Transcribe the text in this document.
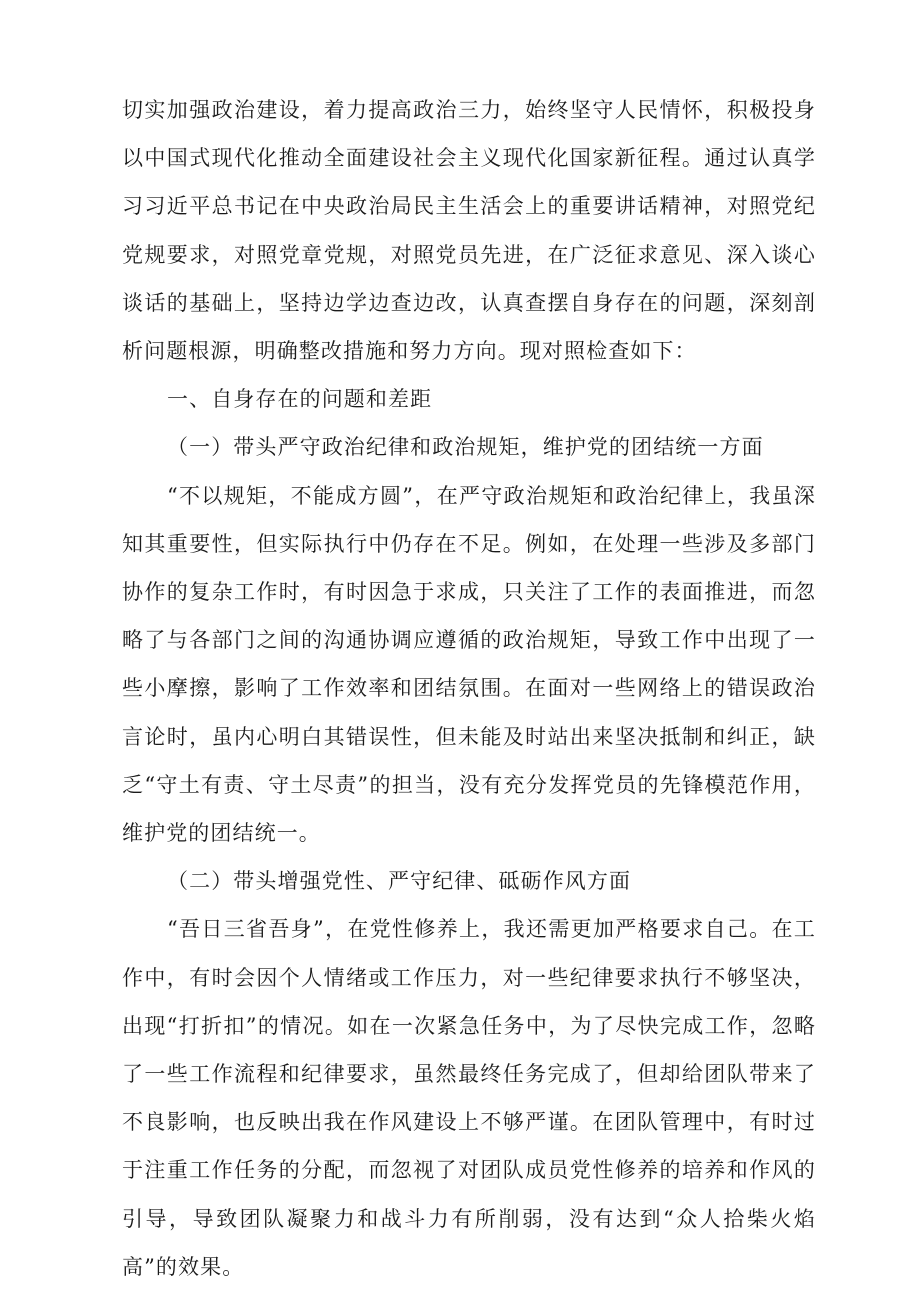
切实加强政治建设，着力提高政治三力，始终坚守人民情怀，积极投身以中国式现代化推动全面建设社会主义现代化国家新征程。通过认真学习习近平总书记在中央政治局民主生活会上的重要讲话精神，对照党纪党规要求，对照党章党规，对照党员先进，在广泛征求意见、深入谈心谈话的基础上，坚持边学边查边改，认真查摆自身存在的问题，深刻剖析问题根源，明确整改措施和努力方向。现对照检查如下：

一、自身存在的问题和差距

（一）带头严守政治纪律和政治规矩，维护党的团结统一方面

“不以规矩，不能成方圆”，在严守政治规矩和政治纪律上，我虽深知其重要性，但实际执行中仍存在不足。例如，在处理一些涉及多部门协作的复杂工作时，有时因急于求成，只关注了工作的表面推进，而忽略了与各部门之间的沟通协调应遵循的政治规矩，导致工作中出现了一些小摩擦，影响了工作效率和团结氛围。在面对一些网络上的错误政治言论时，虽内心明白其错误性，但未能及时站出来坚决抵制和纠正，缺乏“守土有责、守土尽责”的担当，没有充分发挥党员的先锋模范作用，维护党的团结统一。

（二）带头增强党性、严守纪律、砥砺作风方面

“吾日三省吾身”，在党性修养上，我还需更加严格要求自己。在工作中，有时会因个人情绪或工作压力，对一些纪律要求执行不够坚决，出现“打折扣”的情况。如在一次紧急任务中，为了尽快完成工作，忽略了一些工作流程和纪律要求，虽然最终任务完成了，但却给团队带来了不良影响，也反映出我在作风建设上不够严谨。在团队管理中，有时过于注重工作任务的分配，而忽视了对团队成员党性修养的培养和作风的引导，导致团队凝聚力和战斗力有所削弱，没有达到“众人拾柴火焰高”的效果。
